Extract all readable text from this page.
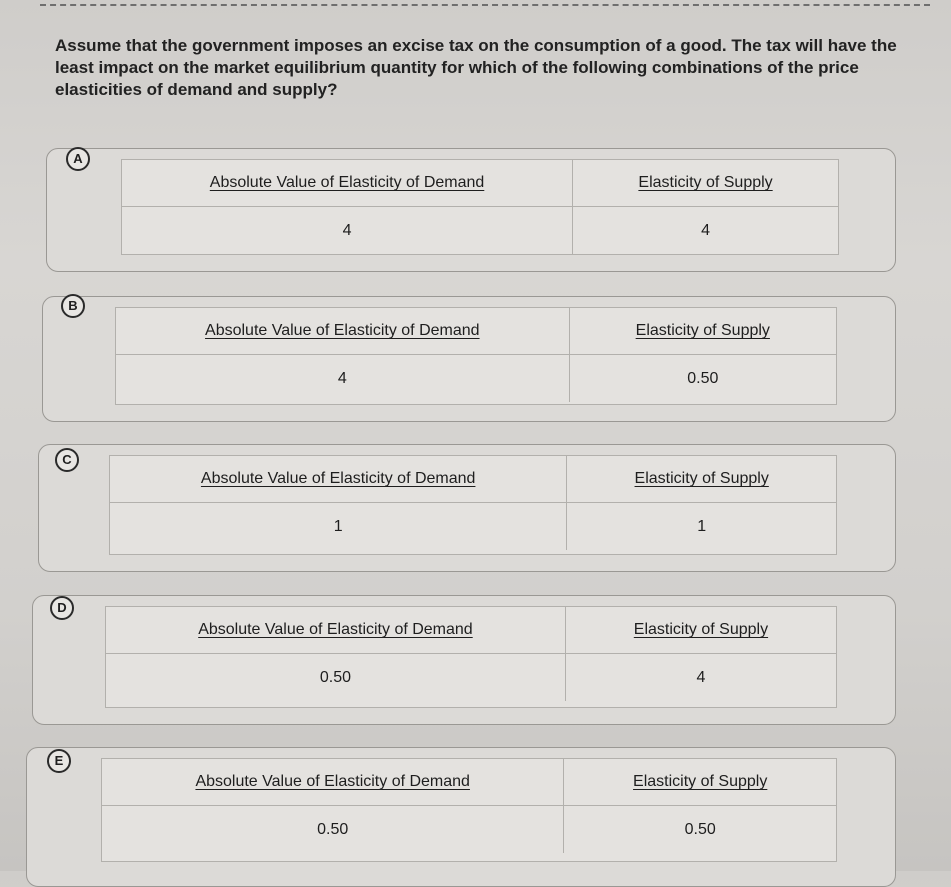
Assume that the government imposes an excise tax on the consumption of a good. The tax will have the least impact on the market equilibrium quantity for which of the following combinations of the price elasticities of demand and supply?
A
Absolute Value of Elasticity of Demand	Elasticity of Supply
4	4
B
Absolute Value of Elasticity of Demand	Elasticity of Supply
4	0.50
C
Absolute Value of Elasticity of Demand	Elasticity of Supply
1	1
D
Absolute Value of Elasticity of Demand	Elasticity of Supply
0.50	4
E
Absolute Value of Elasticity of Demand	Elasticity of Supply
0.50	0.50
